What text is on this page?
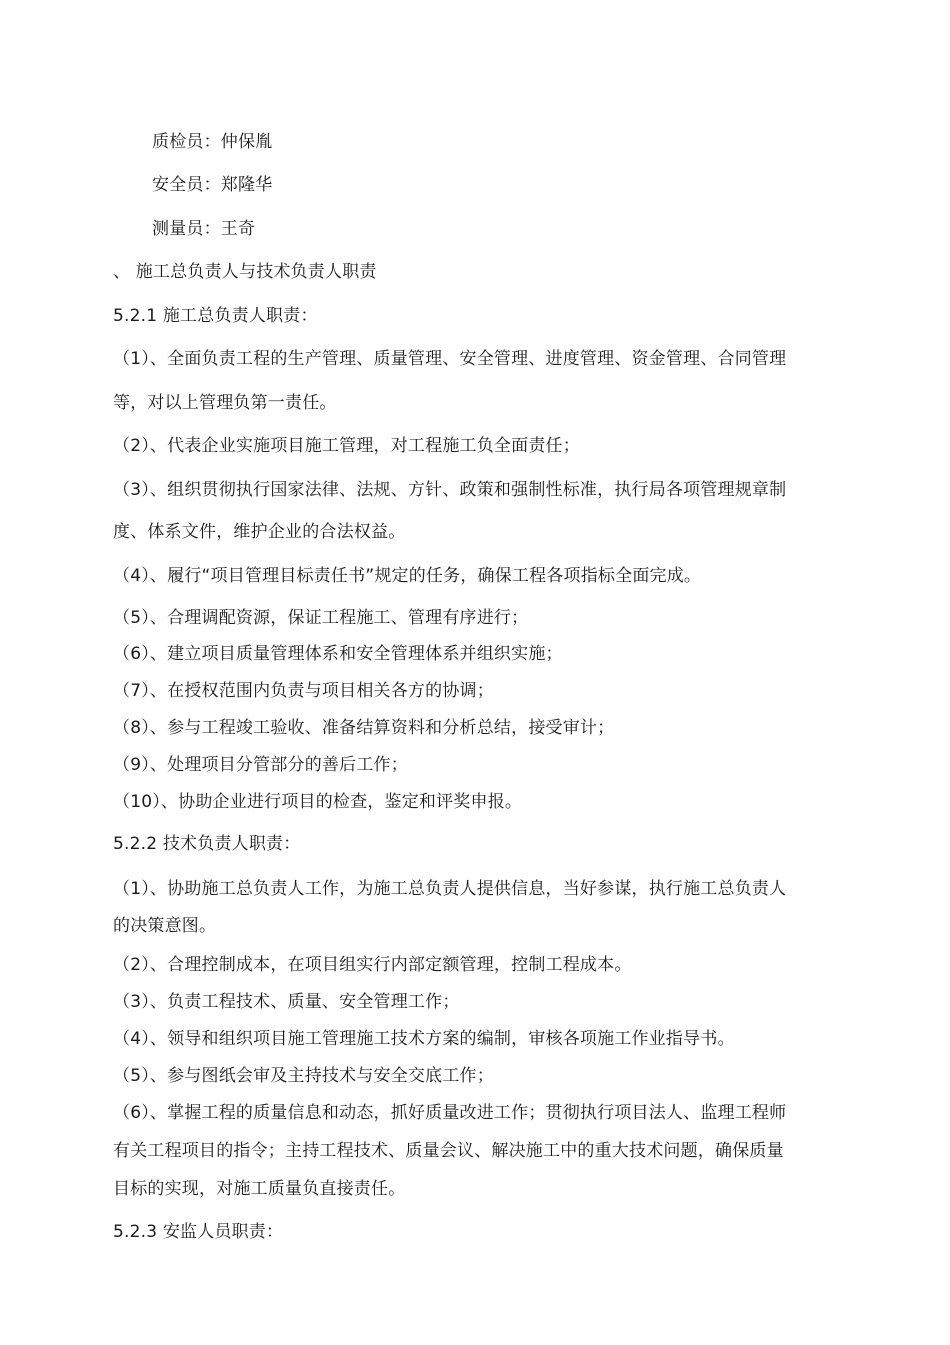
质检员：仲保胤
安全员：郑隆华
测量员：王奇
、 施工总负责人与技术负责人职责
5.2.1 施工总负责人职责：
（1）、全面负责工程的生产管理、质量管理、安全管理、进度管理、资金管理、合同管理
等，对以上管理负第一责任。
（2）、代表企业实施项目施工管理，对工程施工负全面责任；
（3）、组织贯彻执行国家法律、法规、方针、政策和强制性标准，执行局各项管理规章制
度、体系文件，维护企业的合法权益。
（4）、履行“项目管理目标责任书”规定的任务，确保工程各项指标全面完成。
（5）、合理调配资源，保证工程施工、管理有序进行；
（6）、建立项目质量管理体系和安全管理体系并组织实施；
（7）、在授权范围内负责与项目相关各方的协调；
（8）、参与工程竣工验收、准备结算资料和分析总结，接受审计；
（9）、处理项目分管部分的善后工作；
（10）、协助企业进行项目的检查，鉴定和评奖申报。
5.2.2 技术负责人职责：
（1）、协助施工总负责人工作，为施工总负责人提供信息，当好参谋，执行施工总负责人
的决策意图。
（2）、合理控制成本，在项目组实行内部定额管理，控制工程成本。
（3）、负责工程技术、质量、安全管理工作；
（4）、领导和组织项目施工管理施工技术方案的编制，审核各项施工作业指导书。
（5）、参与图纸会审及主持技术与安全交底工作；
（6）、掌握工程的质量信息和动态，抓好质量改进工作；贯彻执行项目法人、监理工程师
有关工程项目的指令；主持工程技术、质量会议、解决施工中的重大技术问题，确保质量
目标的实现，对施工质量负直接责任。
5.2.3 安监人员职责：
